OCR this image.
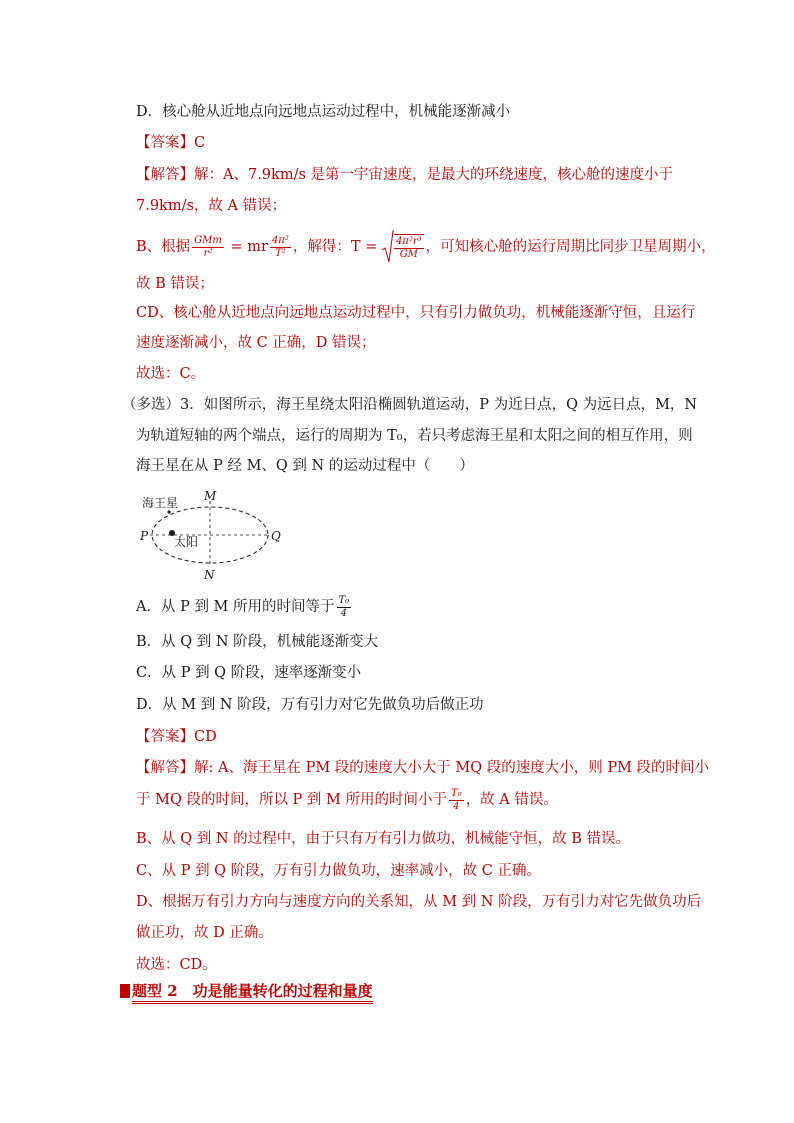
D．核心舱从近地点向远地点运动过程中，机械能逐渐减小
【答案】C
【解答】解：A、7.9km/s 是第一宇宙速度，是最大的环绕速度，核心舱的速度小于
7.9km/s，故 A 错误；
B、根据 $\frac{\text{GMm}}{\text{r²}}$ = mr $\frac{\text{4π²}}{\text{T²}}$ ，解得：$T = \frac{\text{4π²r³}}{GM}$ ，可知核心舱的运行周期比同步卫星周期小，
故 B 错误；
CD、核心舱从近地点向远地点运动过程中，只有引力做负功，机械能逐渐守恒，且运行
速度逐渐减小，故 C 正确，D 错误；
故选：C。
（多选）3．如图所示，海王星绕太阳沿椭圆轨道运动，P 为近日点，Q 为远日点，M，N
为轨道短轴的两个端点，运行的周期为 T₀，若只考虑海王星和太阳之间的相互作用，则
海王星在从 P 经 M、Q 到 N 的运动过程中（　　）
海王星
太阳
P	Q
M
N
A．从 P 到 M 所用的时间等于 $\frac{\text{T₀}}{4}$
B．从 Q 到 N 阶段，机械能逐渐变大
C．从 P 到 Q 阶段，速率逐渐变小
D．从 M 到 N 阶段，万有引力对它先做负功后做正功
【答案】CD
【解答】解: A、海王星在 PM 段的速度大小大于 MQ 段的速度大小，则 PM 段的时间小
于 MQ 段的时间，所以 P 到 M 所用的时间小于 $\frac{\text{T₀}}{4}$ ，故 A 错误。
B、从 Q 到 N 的过程中，由于只有万有引力做功，机械能守恒，故 B 错误。
C、从 P 到 Q 阶段，万有引力做负功，速率减小，故 C 正确。
D、根据万有引力方向与速度方向的关系知，从 M 到 N 阶段，万有引力对它先做负功后
做正功，故 D 正确。
故选：CD。
题型 2　功是能量转化的过程和量度
